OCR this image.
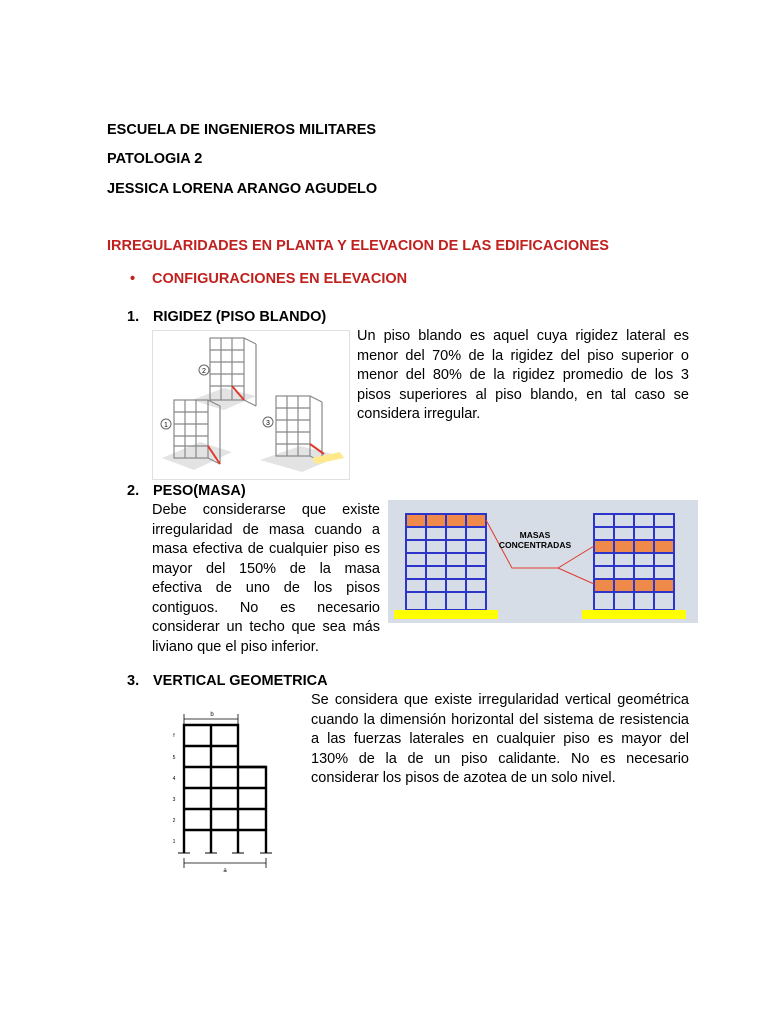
ESCUELA DE INGENIEROS MILITARES
PATOLOGIA 2
JESSICA LORENA ARANGO AGUDELO
IRREGULARIDADES EN PLANTA Y ELEVACION DE LAS EDIFICACIONES
• CONFIGURACIONES EN ELEVACION
1. RIGIDEZ (PISO BLANDO)
Un piso blando es aquel cuya rigidez lateral es menor del 70% de la rigidez del piso superior o menor del 80% de la rigidez promedio de los 3 pisos superiores al piso blando, en tal caso se considera irregular.
2
1	3
2. PESO(MASA)
Debe considerarse que existe irregularidad de masa cuando a masa efectiva de cualquier piso es mayor del 150% de la masa efectiva de uno de los pisos contiguos. No es necesario considerar un techo que sea más liviano que el piso inferior.
MASAS
CONCENTRADAS
3. VERTICAL GEOMETRICA
Se considera que existe irregularidad vertical geométrica cuando la dimensión horizontal del sistema de resistencia a las fuerzas laterales en cualquier piso es mayor del 130% de la de un piso calidante. No es necesario considerar los pisos de azotea de un solo nivel.
b
a
f
5
4
3
2
1
